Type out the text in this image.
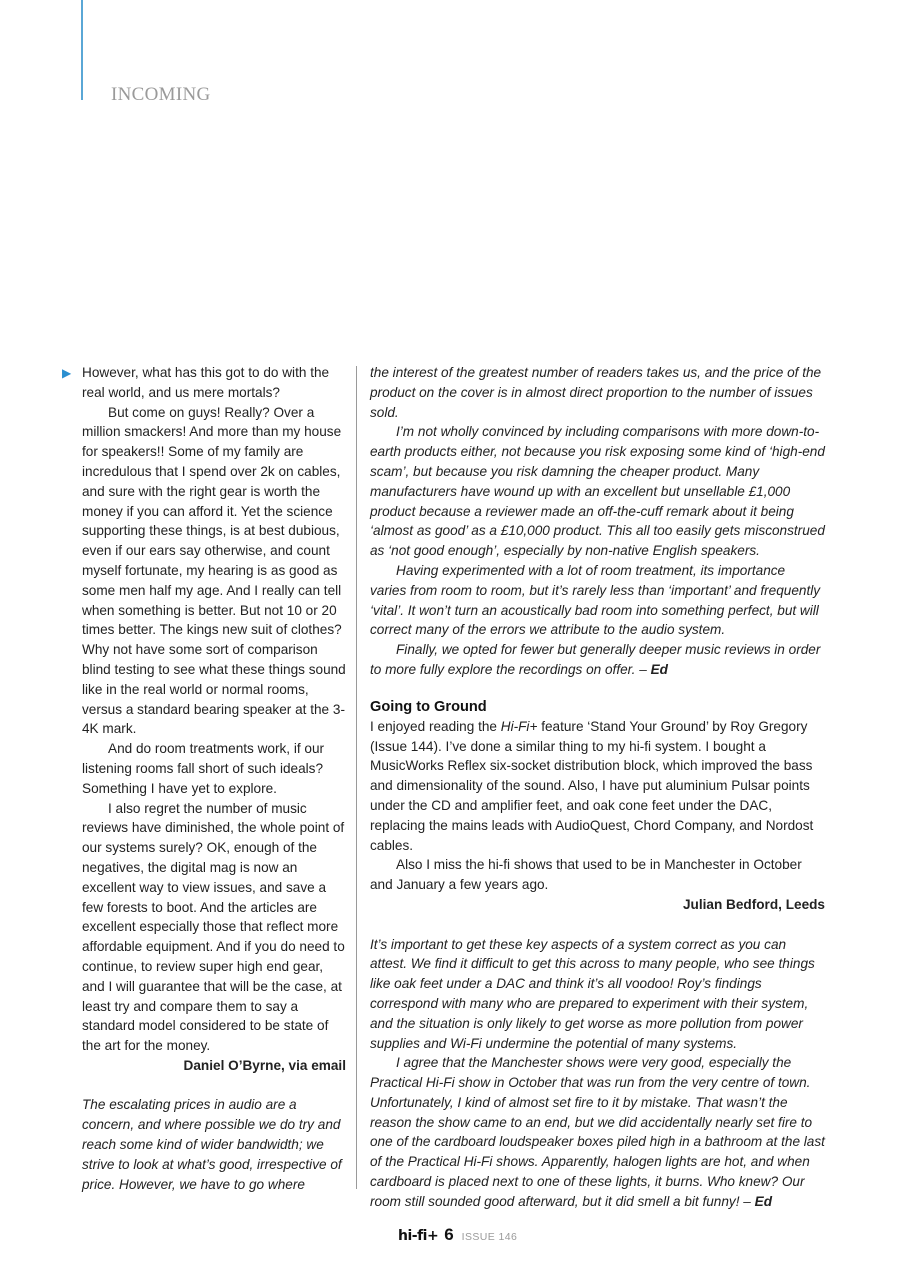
INCOMING
▶ However, what has this got to do with the real world, and us mere mortals?

But come on guys! Really? Over a million smackers! And more than my house for speakers!! Some of my family are incredulous that I spend over 2k on cables, and sure with the right gear is worth the money if you can afford it. Yet the science supporting these things, is at best dubious, even if our ears say otherwise, and count myself fortunate, my hearing is as good as some men half my age. And I really can tell when something is better. But not 10 or 20 times better. The kings new suit of clothes? Why not have some sort of comparison blind testing to see what these things sound like in the real world or normal rooms, versus a standard bearing speaker at the 3-4K mark.

And do room treatments work, if our listening rooms fall short of such ideals? Something I have yet to explore.

I also regret the number of music reviews have diminished, the whole point of our systems surely? OK, enough of the negatives, the digital mag is now an excellent way to view issues, and save a few forests to boot. And the articles are excellent especially those that reflect more affordable equipment. And if you do need to continue, to review super high end gear, and I will guarantee that will be the case, at least try and compare them to say a standard model considered to be state of the art for the money.

Daniel O’Byrne, via email

The escalating prices in audio are a concern, and where possible we do try and reach some kind of wider bandwidth; we strive to look at what’s good, irrespective of price. However, we have to go where

the interest of the greatest number of readers takes us, and the price of the product on the cover is in almost direct proportion to the number of issues sold.

I’m not wholly convinced by including comparisons with more down-to-earth products either, not because you risk exposing some kind of ‘high-end scam’, but because you risk damning the cheaper product. Many manufacturers have wound up with an excellent but unsellable £1,000 product because a reviewer made an off-the-cuff remark about it being ‘almost as good’ as a £10,000 product. This all too easily gets misconstrued as ‘not good enough’, especially by non-native English speakers.

Having experimented with a lot of room treatment, its importance varies from room to room, but it’s rarely less than ‘important’ and frequently ‘vital’. It won’t turn an acoustically bad room into something perfect, but will correct many of the errors we attribute to the audio system.

Finally, we opted for fewer but generally deeper music reviews in order to more fully explore the recordings on offer. – Ed

Going to Ground

I enjoyed reading the Hi-Fi+ feature ‘Stand Your Ground’ by Roy Gregory (Issue 144). I’ve done a similar thing to my hi-fi system. I bought a MusicWorks Reflex six-socket distribution block, which improved the bass and dimensionality of the sound. Also, I have put aluminium Pulsar points under the CD and amplifier feet, and oak cone feet under the DAC, replacing the mains leads with AudioQuest, Chord Company, and Nordost cables.

Also I miss the hi-fi shows that used to be in Manchester in October and January a few years ago.

Julian Bedford, Leeds

It’s important to get these key aspects of a system correct as you can attest. We find it difficult to get this across to many people, who see things like oak feet under a DAC and think it’s all voodoo! Roy’s findings correspond with many who are prepared to experiment with their system, and the situation is only likely to get worse as more pollution from power supplies and Wi-Fi undermine the potential of many systems.

I agree that the Manchester shows were very good, especially the Practical Hi-Fi show in October that was run from the very centre of town. Unfortunately, I kind of almost set fire to it by mistake. That wasn’t the reason the show came to an end, but we did accidentally nearly set fire to one of the cardboard loudspeaker boxes piled high in a bathroom at the last of the Practical Hi-Fi shows. Apparently, halogen lights are hot, and when cardboard is placed next to one of these lights, it burns. Who knew? Our room still sounded good afterward, but it did smell a bit funny! – Ed

hi-fi+ 6 ISSUE 146
